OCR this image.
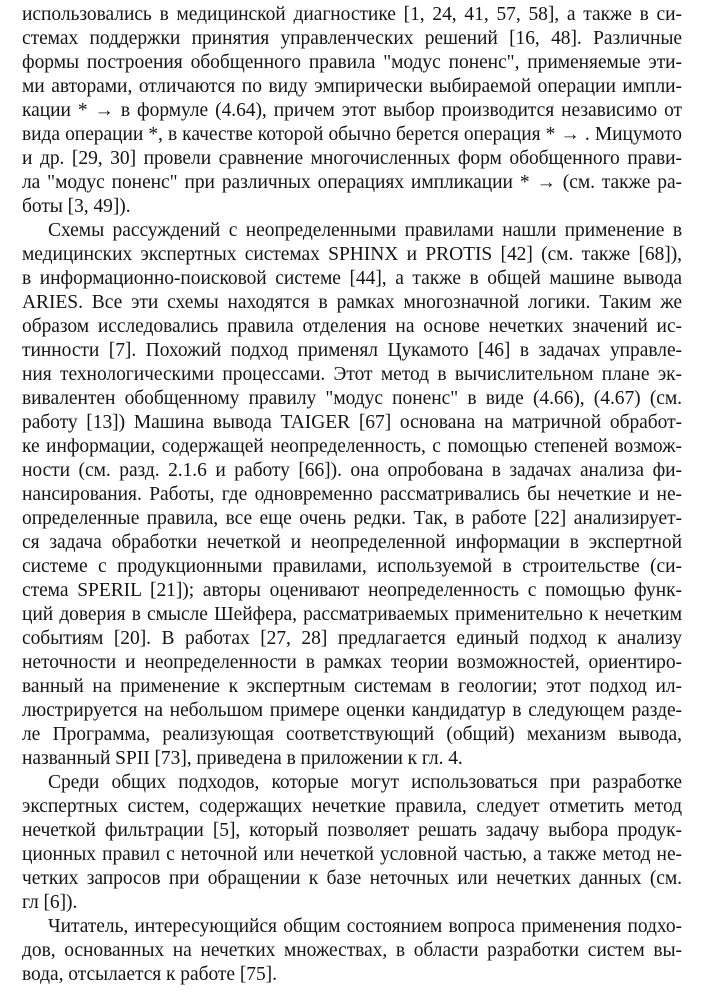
использовались в медицинской диагностике [1, 24, 41, 57, 58], а также в си-
стемах поддержки принятия управленческих решений [16, 48]. Различные
формы построения обобщенного правила "модус поненс", применяемые эти-
ми авторами, отличаются по виду эмпирически выбираемой операции импли-
кации * → в формуле (4.64), причем этот выбор производится независимо от
вида операции *, в качестве которой обычно берется операция * → . Мицумото
и др. [29, 30] провели сравнение многочисленных форм обобщенного прави-
ла "модус поненс" при различных операциях импликации * → (см. также ра-
боты [3, 49]).
Схемы рассуждений с неопределенными правилами нашли применение в
медицинских экспертных системах SPHINX и PROTIS [42] (см. также [68]),
в информационно-поисковой системе [44], а также в общей машине вывода
ARIES. Все эти схемы находятся в рамках многозначной логики. Таким же
образом исследовались правила отделения на основе нечетких значений ис-
тинности [7]. Похожий подход применял Цукамото [46] в задачах управле-
ния технологическими процессами. Этот метод в вычислительном плане эк-
вивалентен обобщенному правилу "модус поненс" в виде (4.66), (4.67) (см.
работу [13]) Машина вывода TAIGER [67] основана на матричной обработ-
ке информации, содержащей неопределенность, с помощью степеней возмож-
ности (см. разд. 2.1.6 и работу [66]). она опробована в задачах анализа фи-
нансирования. Работы, где одновременно рассматривались бы нечеткие и не-
определенные правила, все еще очень редки. Так, в работе [22] анализирует-
ся задача обработки нечеткой и неопределенной информации в экспертной
системе с продукционными правилами, используемой в строительстве (си-
стема SPERIL [21]); авторы оценивают неопределенность с помощью функ-
ций доверия в смысле Шейфера, рассматриваемых применительно к нечетким
событиям [20]. В работах [27, 28] предлагается единый подход к анализу
неточности и неопределенности в рамках теории возможностей, ориентиро-
ванный на применение к экспертным системам в геологии; этот подход ил-
люстрируется на небольшом примере оценки кандидатур в следующем разде-
ле Программа, реализующая соответствующий (общий) механизм вывода,
названный SPII [73], приведена в приложении к гл. 4.
Среди общих подходов, которые могут использоваться при разработке
экспертных систем, содержащих нечеткие правила, следует отметить метод
нечеткой фильтрации [5], который позволяет решать задачу выбора продук-
ционных правил с неточной или нечеткой условной частью, а также метод не-
четких запросов при обращении к базе неточных или нечетких данных (см.
гл [6]).
Читатель, интересующийся общим состоянием вопроса применения подхо-
дов, основанных на нечетких множествах, в области разработки систем вы-
вода, отсылается к работе [75].
